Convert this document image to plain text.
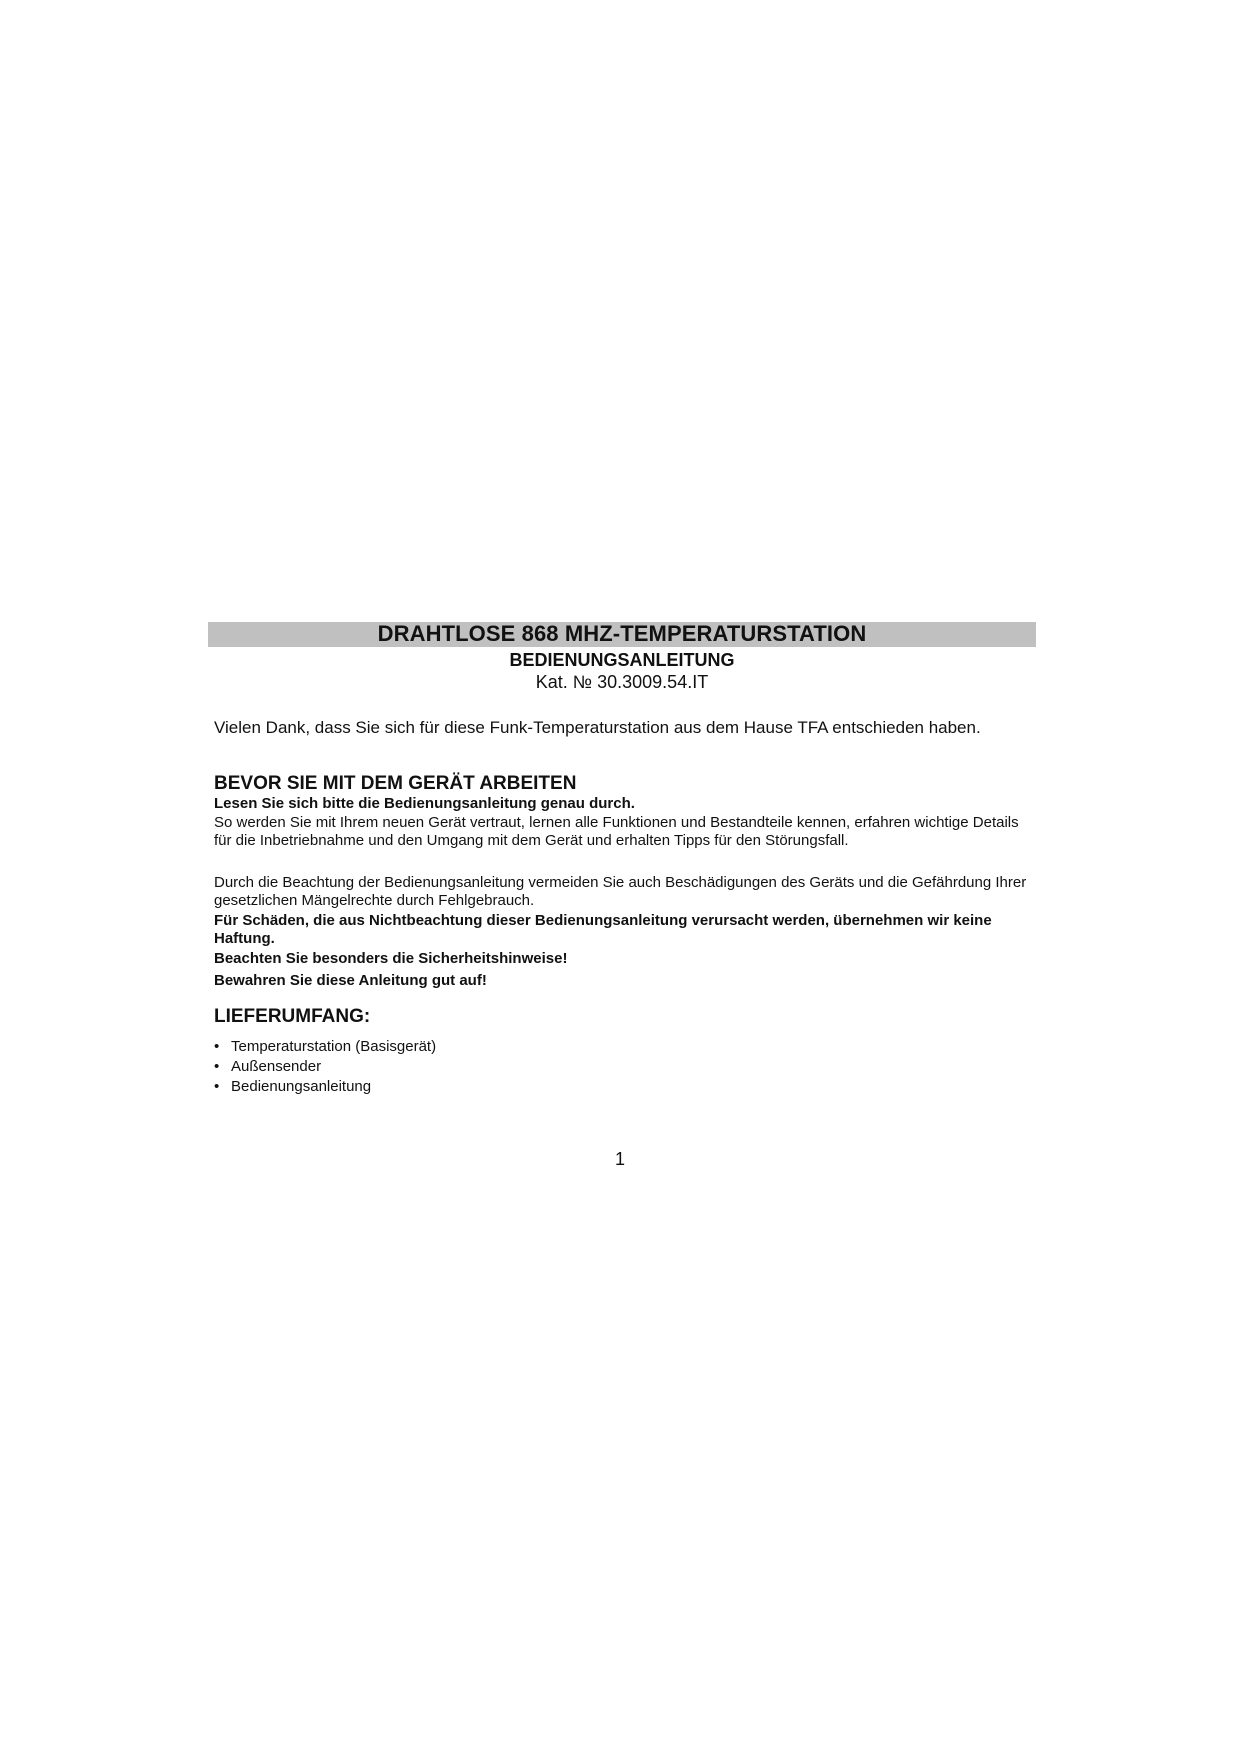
DRAHTLOSE 868 MHZ-TEMPERATURSTATION
BEDIENUNGSANLEITUNG
Kat. № 30.3009.54.IT
Vielen Dank, dass Sie sich für diese Funk-Temperaturstation aus dem Hause TFA entschieden haben.
BEVOR SIE MIT DEM GERÄT ARBEITEN
Lesen Sie sich bitte die Bedienungsanleitung genau durch.
So werden Sie mit Ihrem neuen Gerät vertraut, lernen alle Funktionen und Bestandteile kennen, erfahren wichtige Details für die Inbetriebnahme und den Umgang mit dem Gerät und erhalten Tipps für den Störungsfall.
Durch die Beachtung der Bedienungsanleitung vermeiden Sie auch Beschädigungen des Geräts und die Gefährdung Ihrer gesetzlichen Mängelrechte durch Fehlgebrauch.
Für Schäden, die aus Nichtbeachtung dieser Bedienungsanleitung verursacht werden, übernehmen wir keine Haftung.
Beachten Sie besonders die Sicherheitshinweise!
Bewahren Sie diese Anleitung gut auf!
LIEFERUMFANG:
• Temperaturstation (Basisgerät)
• Außensender
• Bedienungsanleitung
1
